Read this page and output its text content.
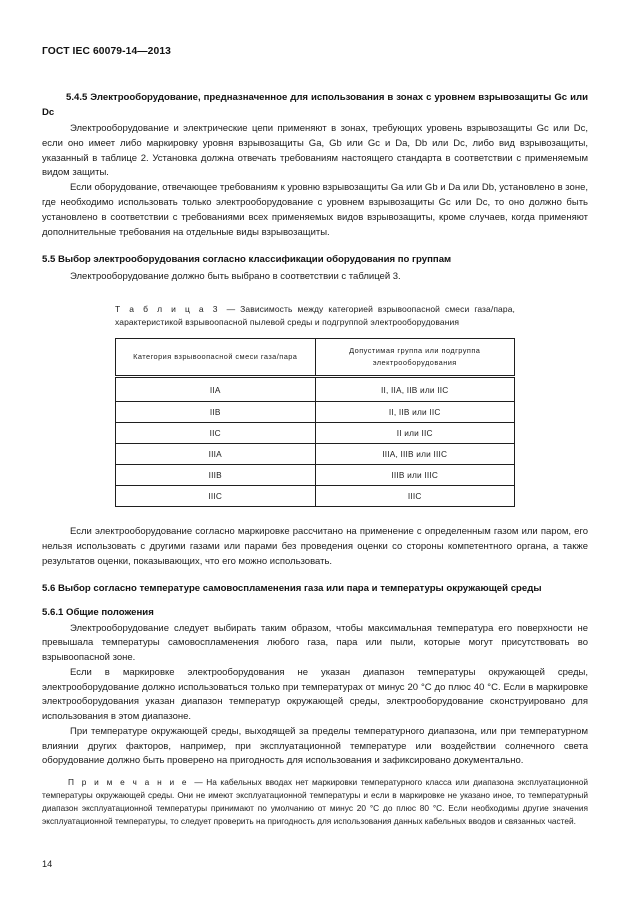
ГОСТ IEC 60079-14—2013
5.4.5 Электрооборудование, предназначенное для использования в зонах с уровнем взрывозащиты Gc или Dc

Электрооборудование и электрические цепи применяют в зонах, требующих уровень взрывозащиты Gc или Dc, если оно имеет либо маркировку уровня взрывозащиты Ga, Gb или Gc и Da, Db или Dc, либо вид взрывозащиты, указанный в таблице 2. Установка должна отвечать требованиям настоящего стандарта в соответствии с применяемым видом защиты.

Если оборудование, отвечающее требованиям к уровню взрывозащиты Ga или Gb и Da или Db, установлено в зоне, где необходимо использовать только электрооборудование с уровнем взрывозащиты Gc или Dc, то оно должно быть установлено в соответствии с требованиями всех применяемых видов взрывозащиты, кроме случаев, когда применяют дополнительные требования на отдельные виды взрывозащиты.

5.5 Выбор электрооборудования согласно классификации оборудования по группам

Электрооборудование должно быть выбрано в соответствии с таблицей 3.

Т а б л и ц а 3 — Зависимость между категорией взрывоопасной смеси газа/пара, характеристикой взрывоопасной пылевой среды и подгруппой электрооборудования

Категория взрывоопасной смеси газа/пара	Допустимая группа или подгруппа электрооборудования
IIA	II, IIA, IIB или IIC
IIB	II, IIB или IIC
IIC	II или IIC
IIIA	IIIA, IIIB или IIIC
IIIB	IIIB или IIIC
IIIC	IIIC

Если электрооборудование согласно маркировке рассчитано на применение с определенным газом или паром, его нельзя использовать с другими газами или парами без проведения оценки со стороны компетентного органа, а также результатов оценки, показывающих, что его можно использовать.

5.6 Выбор согласно температуре самовоспламенения газа или пара и температуры окружающей среды
5.6.1 Общие положения

Электрооборудование следует выбирать таким образом, чтобы максимальная температура его поверхности не превышала температуры самовоспламенения любого газа, пара или пыли, которые могут присутствовать во взрывоопасной зоне.

Если в маркировке электрооборудования не указан диапазон температуры окружающей среды, электрооборудование должно использоваться только при температурах от минус 20 °С до плюс 40 °С. Если в маркировке электрооборудования указан диапазон температур окружающей среды, электрооборудование сконструировано для использования в этом диапазоне.

При температуре окружающей среды, выходящей за пределы температурного диапазона, или при температурном влиянии других факторов, например, при эксплуатационной температуре или воздействии солнечного света оборудование должно быть проверено на пригодность для использования и зафиксировано документально.

П р и м е ч а н и е — На кабельных вводах нет маркировки температурного класса или диапазона эксплуатационной температуры окружающей среды. Они не имеют эксплуатационной температуры и если в маркировке не указано иное, то температурный диапазон эксплуатационной температуры принимают по умолчанию от минус 20 °С до плюс 80 °С. Если необходимы другие значения эксплуатационной температуры, то следует проверить на пригодность для использования данных кабельных вводов и связанных частей.

14
